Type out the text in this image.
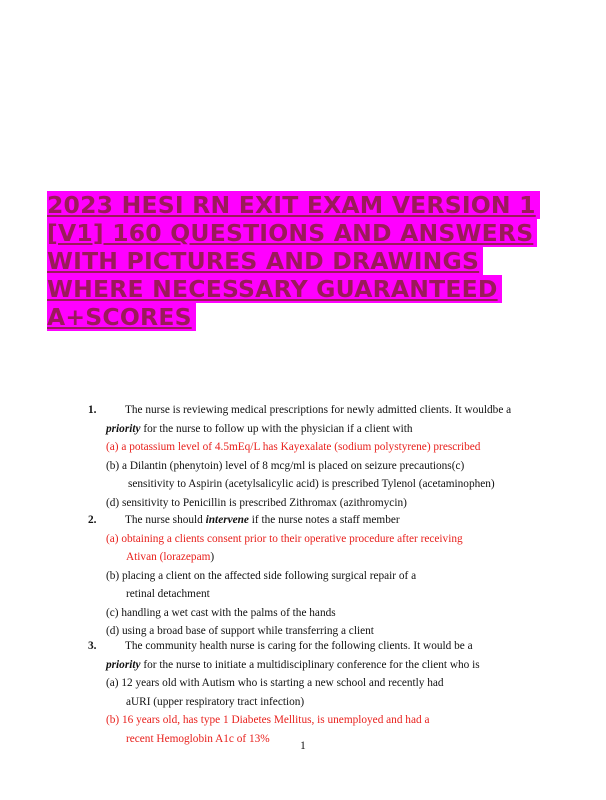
2023 HESI RN EXIT EXAM VERSION 1 [V1] 160 QUESTIONS AND ANSWERS WITH PICTURES AND DRAWINGS WHERE NECESSARY GUARANTEED A+SCORES
1.	The nurse is reviewing medical prescriptions for newly admitted clients. It wouldbe a
priority for the nurse to follow up with the physician if a client with
(a) a potassium level of 4.5mEq/L has Kayexalate (sodium polystyrene) prescribed
(b) a Dilantin (phenytoin) level of 8 mcg/ml is placed on seizure precautions(c)
sensitivity to Aspirin (acetylsalicylic acid) is prescribed Tylenol (acetaminophen)
(d) sensitivity to Penicillin is prescribed Zithromax (azithromycin)
2.	The nurse should intervene if the nurse notes a staff member
(a) obtaining a clients consent prior to their operative procedure after receiving
Ativan (lorazepam)
(b) placing a client on the affected side following surgical repair of a
retinal detachment
(c) handling a wet cast with the palms of the hands
(d) using a broad base of support while transferring a client
3.	The community health nurse is caring for the following clients. It would be a
priority for the nurse to initiate a multidisciplinary conference for the client who is
(a) 12 years old with Autism who is starting a new school and recently had
aURI (upper respiratory tract infection)
(b) 16 years old, has type 1 Diabetes Mellitus, is unemployed and had a
recent Hemoglobin A1c of 13%
1
